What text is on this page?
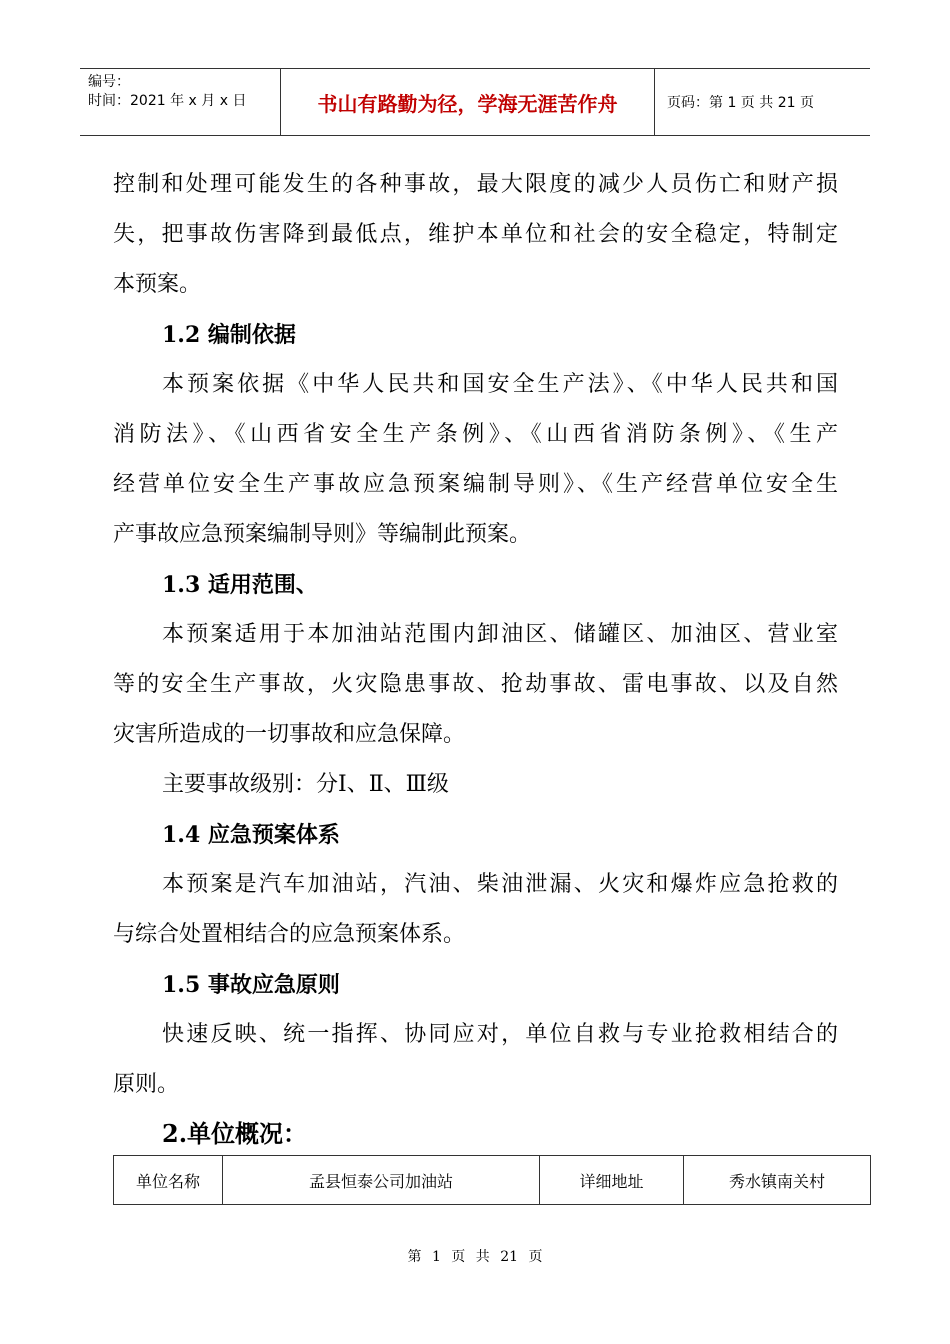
编号：
时间：2021 年 x 月 x 日	书山有路勤为径，学海无涯苦作舟	页码：第 1 页 共 21 页
控制和处理可能发生的各种事故，最大限度的减少人员伤亡和财产损
失，把事故伤害降到最低点，维护本单位和社会的安全稳定，特制定
本预案。
1.2 编制依据
本预案依据《中华人民共和国安全生产法》、《中华人民共和国
消防法》、《山西省安全生产条例》、《山西省消防条例》、《生产
经营单位安全生产事故应急预案编制导则》、《生产经营单位安全生
产事故应急预案编制导则》等编制此预案。
1.3 适用范围、
本预案适用于本加油站范围内卸油区、储罐区、加油区、营业室
等的安全生产事故，火灾隐患事故、抢劫事故、雷电事故、以及自然
灾害所造成的一切事故和应急保障。
主要事故级别：分Ⅰ、Ⅱ、Ⅲ级
1.4 应急预案体系
本预案是汽车加油站，汽油、柴油泄漏、火灾和爆炸应急抢救的
与综合处置相结合的应急预案体系。
1.5 事故应急原则
快速反映、统一指挥、协同应对，单位自救与专业抢救相结合的
原则。
2.单位概况：
单位名称	孟县恒泰公司加油站	详细地址	秀水镇南关村
第 1 页 共 21 页
